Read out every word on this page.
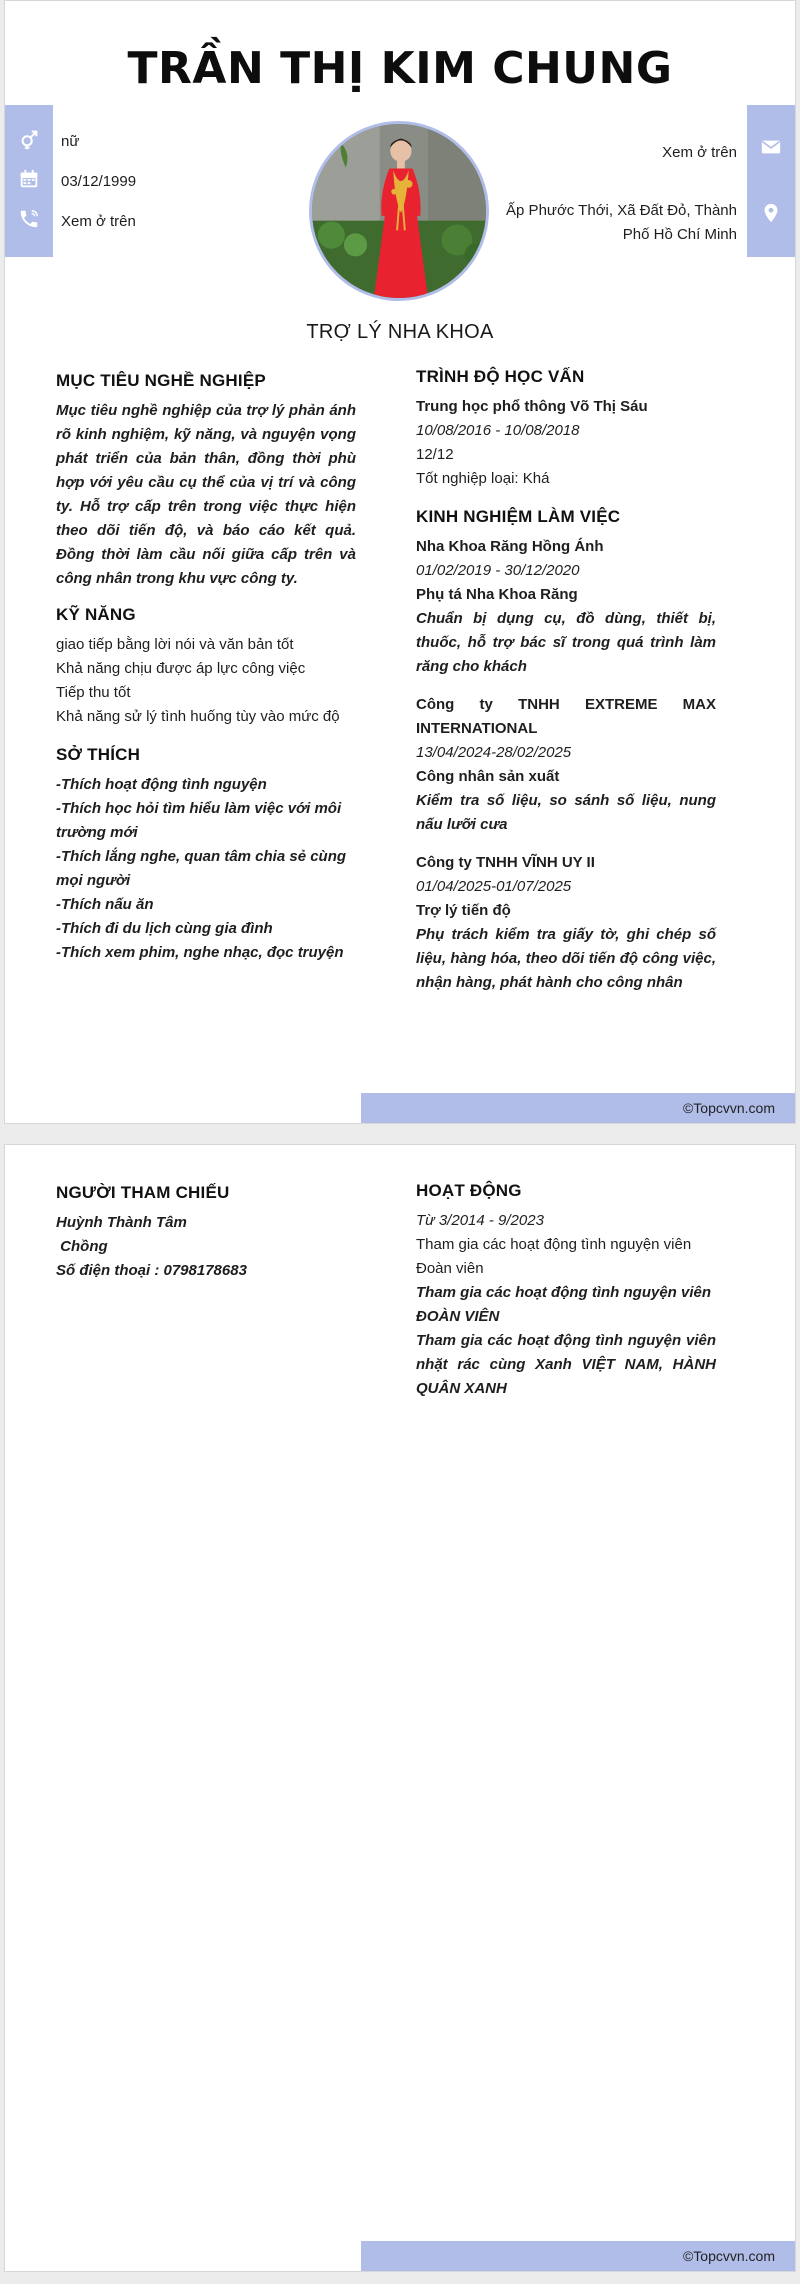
TRẦN THỊ KIM CHUNG
nữ
03/12/1999
Xem ở trên
Xem ở trên
Ấp Phước Thới, Xã Đất Đỏ, Thành
Phố Hồ Chí Minh
TRỢ LÝ NHA KHOA
MỤC TIÊU NGHỀ NGHIỆP
Mục tiêu nghề nghiệp của trợ lý phản ánh rõ kinh nghiệm, kỹ năng, và nguyện vọng phát triển của bản thân, đồng thời phù hợp với yêu cầu cụ thể của vị trí và công ty. Hỗ trợ cấp trên trong việc thực hiện theo dõi tiến độ, và báo cáo kết quả. Đồng thời làm cầu nối giữa cấp trên và công nhân trong khu vực công ty.
KỸ NĂNG
giao tiếp bằng lời nói và văn bản tốt
Khả năng chịu được áp lực công việc
Tiếp thu tốt
Khả năng sử lý tình huống tùy vào mức độ
SỞ THÍCH
-Thích hoạt động tình nguyện
-Thích học hỏi tìm hiểu làm việc với môi trường mới
-Thích lắng nghe, quan tâm chia sẻ cùng mọi người
-Thích nấu ăn
-Thích đi du lịch cùng gia đình
-Thích xem phim, nghe nhạc, đọc truyện
TRÌNH ĐỘ HỌC VẤN
Trung học phổ thông Võ Thị Sáu
10/08/2016 - 10/08/2018
12/12
Tốt nghiệp loại: Khá
KINH NGHIỆM LÀM VIỆC
Nha Khoa Răng Hồng Ánh
01/02/2019 - 30/12/2020
Phụ tá Nha Khoa Răng
Chuẩn bị dụng cụ, đồ dùng, thiết bị, thuốc, hỗ trợ bác sĩ trong quá trình làm răng cho khách
Công ty TNHH EXTREME MAX INTERNATIONAL
13/04/2024-28/02/2025
Công nhân sản xuất
Kiểm tra số liệu, so sánh số liệu, nung nấu lưỡi cưa
Công ty TNHH VĨNH UY II
01/04/2025-01/07/2025
Trợ lý tiến độ
Phụ trách kiểm tra giấy tờ, ghi chép số liệu, hàng hóa, theo dõi tiến độ công việc, nhận hàng, phát hành cho công nhân
©Topcvvn.com
NGƯỜI THAM CHIẾU
Huỳnh Thành Tâm
Chồng
Số điện thoại : 0798178683
HOẠT ĐỘNG
Từ 3/2014 - 9/2023
Tham gia các hoạt động tình nguyện viên
Đoàn viên
Tham gia các hoạt động tình nguyện viên ĐOÀN VIÊN
Tham gia các hoạt động tình nguyện viên nhặt rác cùng Xanh VIỆT NAM, HÀNH QUÂN XANH
©Topcvvn.com
